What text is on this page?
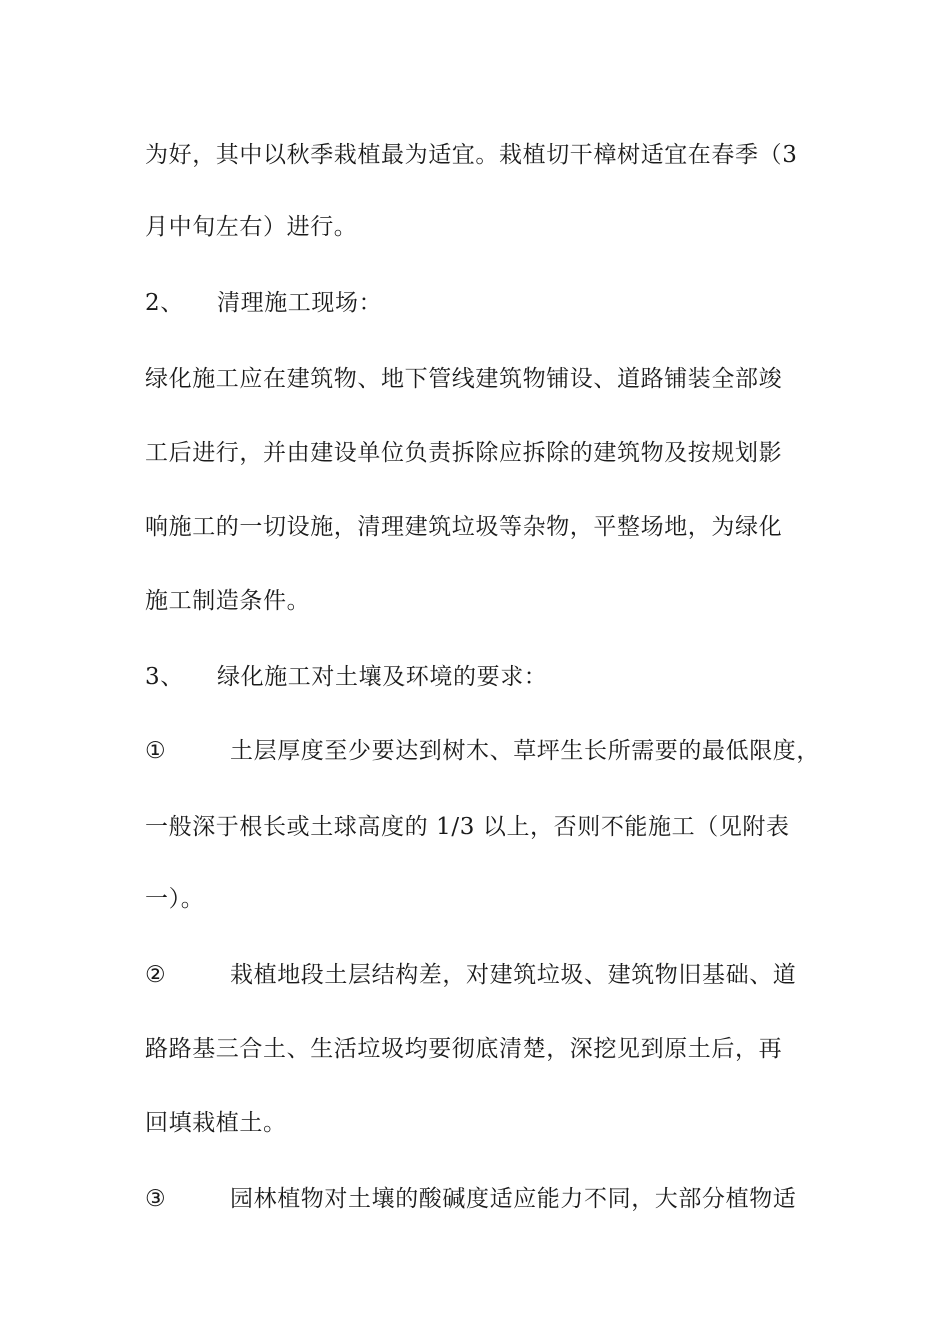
为好，其中以秋季栽植最为适宜。栽植切干樟树适宜在春季（3
月中旬左右）进行。
2、 清理施工现场：
绿化施工应在建筑物、地下管线建筑物铺设、道路铺装全部竣
工后进行，并由建设单位负责拆除应拆除的建筑物及按规划影
响施工的一切设施，清理建筑垃圾等杂物，平整场地，为绿化
施工制造条件。
3、 绿化施工对土壤及环境的要求：
①	土层厚度至少要达到树木、草坪生长所需要的最低限度，
一般深于根长或土球高度的 1/3 以上，否则不能施工（见附表
一）。
②	栽植地段土层结构差，对建筑垃圾、建筑物旧基础、道
路路基三合土、生活垃圾均要彻底清楚，深挖见到原土后，再
回填栽植土。
③	园林植物对土壤的酸碱度适应能力不同，大部分植物适
